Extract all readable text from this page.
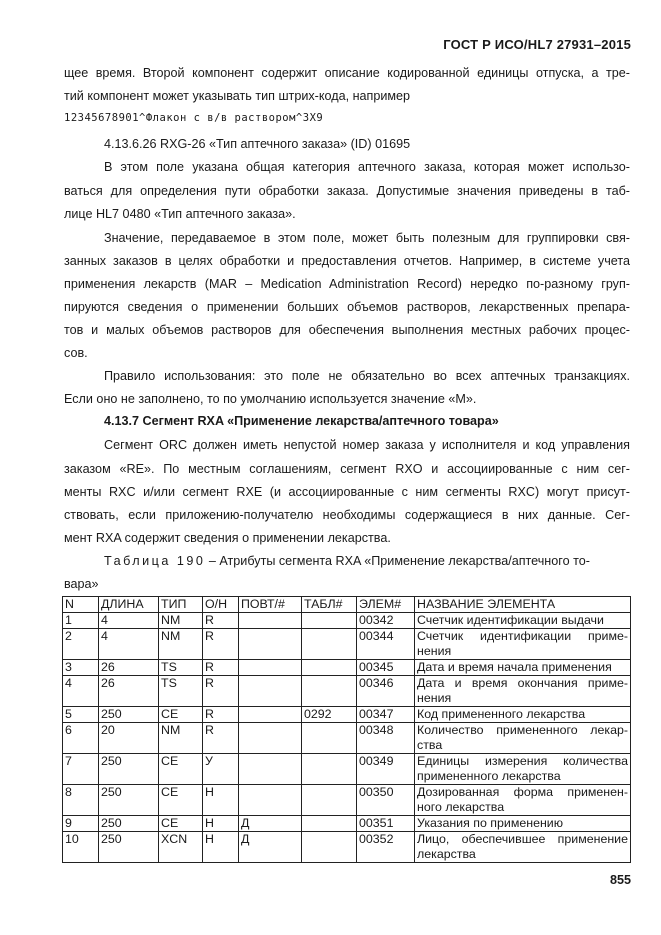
ГОСТ Р ИСО/HL7 27931–2015
щее время. Второй компонент содержит описание кодированной единицы отпуска, а тре-
тий компонент может указывать тип штрих-кода, например
12345678901^Флакон с в/в раствором^3X9
4.13.6.26 RXG-26 «Тип аптечного заказа» (ID) 01695
В этом поле указана общая категория аптечного заказа, которая может использо-
ваться для определения пути обработки заказа. Допустимые значения приведены в таб-
лице HL7 0480 «Тип аптечного заказа».
Значение, передаваемое в этом поле, может быть полезным для группировки свя-
занных заказов в целях обработки и предоставления отчетов. Например, в системе учета
применения лекарств (MAR – Medication Administration Record) нередко по-разному груп-
пируются сведения о применении больших объемов растворов, лекарственных препара-
тов и малых объемов растворов для обеспечения выполнения местных рабочих процес-
сов.
Правило использования: это поле не обязательно во всех аптечных транзакциях.
Если оно не заполнено, то по умолчанию используется значение «M».
4.13.7 Сегмент RXA «Применение лекарства/аптечного товара»
Сегмент ORC должен иметь непустой номер заказа у исполнителя и код управления
заказом «RE». По местным соглашениям, сегмент RXO и ассоциированные с ним сег-
менты RXC и/или сегмент RXE (и ассоциированные с ним сегменты RXC) могут присут-
ствовать, если приложению-получателю необходимы содержащиеся в них данные. Сег-
мент RXA содержит сведения о применении лекарства.
Таблица 190 – Атрибуты сегмента RXA «Применение лекарства/аптечного то-
вара»
N	ДЛИНА	ТИП	О/Н	ПОВТ/#	ТАБЛ#	ЭЛЕМ#	НАЗВАНИЕ ЭЛЕМЕНТА
1	4	NM	R			00342	Счетчик идентификации выдачи
2	4	NM	R			00344	Счетчик идентификации приме-нения
3	26	TS	R			00345	Дата и время начала применения
4	26	TS	R			00346	Дата и время окончания приме-нения
5	250	CE	R		0292	00347	Код примененного лекарства
6	20	NM	R			00348	Количество примененного лекар-ства
7	250	CE	У			00349	Единицы измерения количества примененного лекарства
8	250	CE	Н			00350	Дозированная форма применен-ного лекарства
9	250	CE	Н	Д		00351	Указания по применению
10	250	XCN	Н	Д		00352	Лицо, обеспечившее применение лекарства
855
